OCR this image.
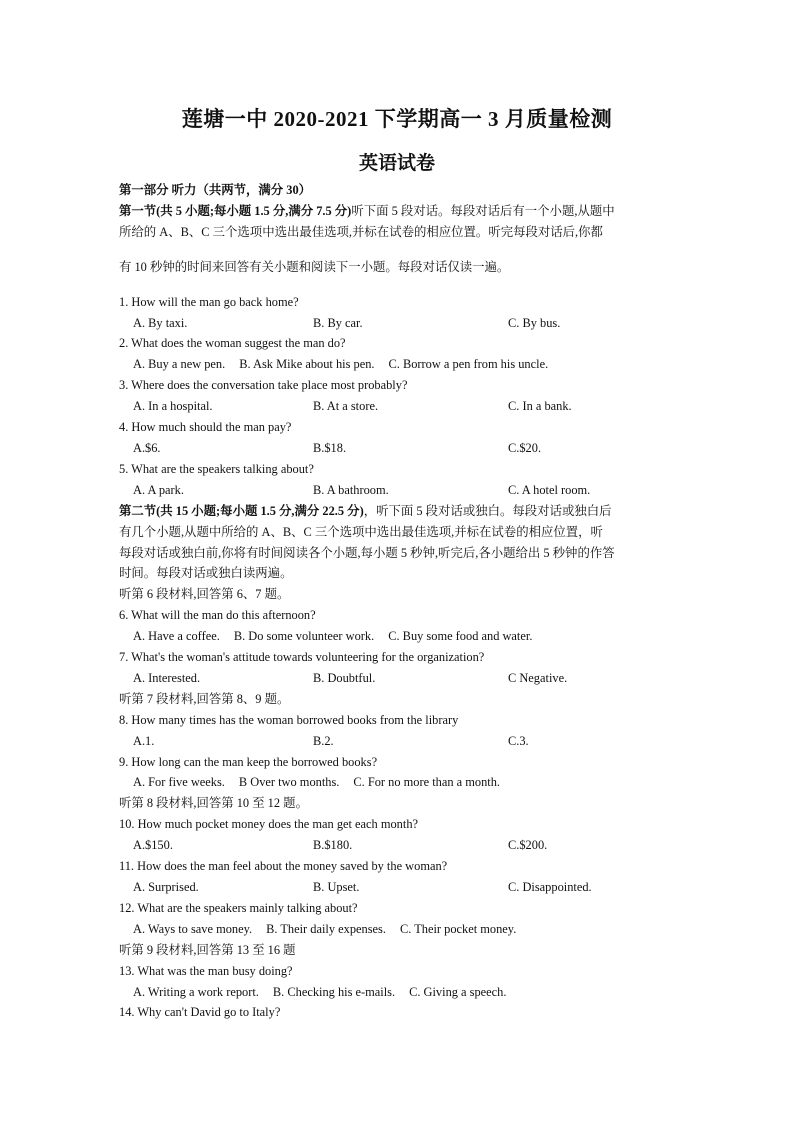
莲塘一中 2020-2021 下学期高一 3 月质量检测
英语试卷
第一部分 听力（共两节，满分 30）
第一节(共 5 小题;每小题 1.5 分,满分 7.5 分)听下面 5 段对话。每段对话后有一个小题,从题中
所给的 A、B、C 三个选项中选出最佳选项,并标在试卷的相应位置。听完每段对话后,你都
有 10 秒钟的时间来回答有关小题和阅读下一小题。每段对话仅读一遍。
1. How will the man go back home?
A. By taxi.	B. By car.	C. By bus.
2. What does the woman suggest the man do?
A. Buy a new pen. B. Ask Mike about his pen. C. Borrow a pen from his uncle.
3. Where does the conversation take place most probably?
A. In a hospital.	B. At a store.	C. In a bank.
4. How much should the man pay?
A.$6.	B.$18.	C.$20.
5. What are the speakers talking about?
A. A park.	B. A bathroom.	C. A hotel room.
第二节(共 15 小题;每小题 1.5 分,满分 22.5 分)，听下面 5 段对话或独白。每段对话或独白后
有几个小题,从题中所给的 A、B、C 三个选项中选出最佳选项,并标在试卷的相应位置，听
每段对话或独白前,你将有时间阅读各个小题,每小题 5 秒钟,听完后,各小题给出 5 秒钟的作答
时间。每段对话或独白读两遍。
听第 6 段材料,回答第 6、7 题。
6. What will the man do this afternoon?
A. Have a coffee. B. Do some volunteer work. C. Buy some food and water.
7. What's the woman's attitude towards volunteering for the organization?
A. Interested.	B. Doubtful.	C Negative.
听第 7 段材料,回答第 8、9 题。
8. How many times has the woman borrowed books from the library
A.1.	B.2.	C.3.
9. How long can the man keep the borrowed books?
A. For five weeks. B Over two months. C. For no more than a month.
听第 8 段材料,回答第 10 至 12 题。
10. How much pocket money does the man get each month?
A.$150.	B.$180.	C.$200.
11. How does the man feel about the money saved by the woman?
A. Surprised.	B. Upset.	C. Disappointed.
12. What are the speakers mainly talking about?
A. Ways to save money. B. Their daily expenses. C. Their pocket money.
听第 9 段材料,回答第 13 至 16 题
13. What was the man busy doing?
A. Writing a work report. B. Checking his e-mails. C. Giving a speech.
14. Why can't David go to Italy?
